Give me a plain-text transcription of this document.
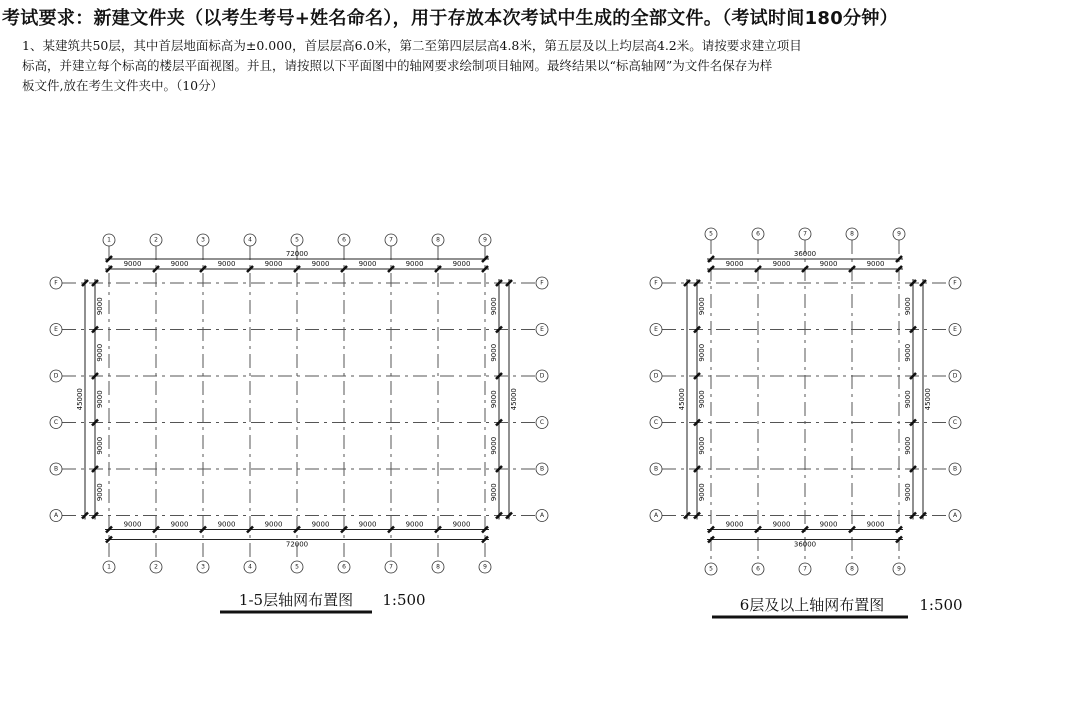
考试要求：新建文件夹（以考生考号+姓名命名），用于存放本次考试中生成的全部文件。（考试时间180分钟）

1、某建筑共50层，其中首层地面标高为±0.000，首层层高6.0米，第二至第四层层高4.8米，第五层及以上均层高4.2米。请按要求建立项目

标高，并建立每个标高的楼层平面视图。并且，请按照以下平面图中的轴网要求绘制项目轴网。最终结果以“标高轴网”为文件名保存为样

板文件,放在考生文件夹中。（10分）

1
1
2
2
3
3
4
4
5
5
6
6
7
7
8
8
9
9
F	F
E	E
D	D
C	C
B	B
A	A
9000	9000	9000	9000	9000	9000	9000	9000
72000
9000	9000	9000	9000	9000	9000	9000	9000
72000
9000
9000
9000
9000
9000
45000
9000
9000
9000
9000
9000
45000
1-5层轴网布置图 1:500
5
5
6
6
7
7
8
8
9
9
F	F
E	E
D	D
C	C
B	B
A	A
9000	9000	9000	9000
36000
9000	9000	9000	9000
36000
9000
9000
9000
9000
9000
45000
9000
9000
9000
9000
9000
45000
6层及以上轴网布置图 1:500
